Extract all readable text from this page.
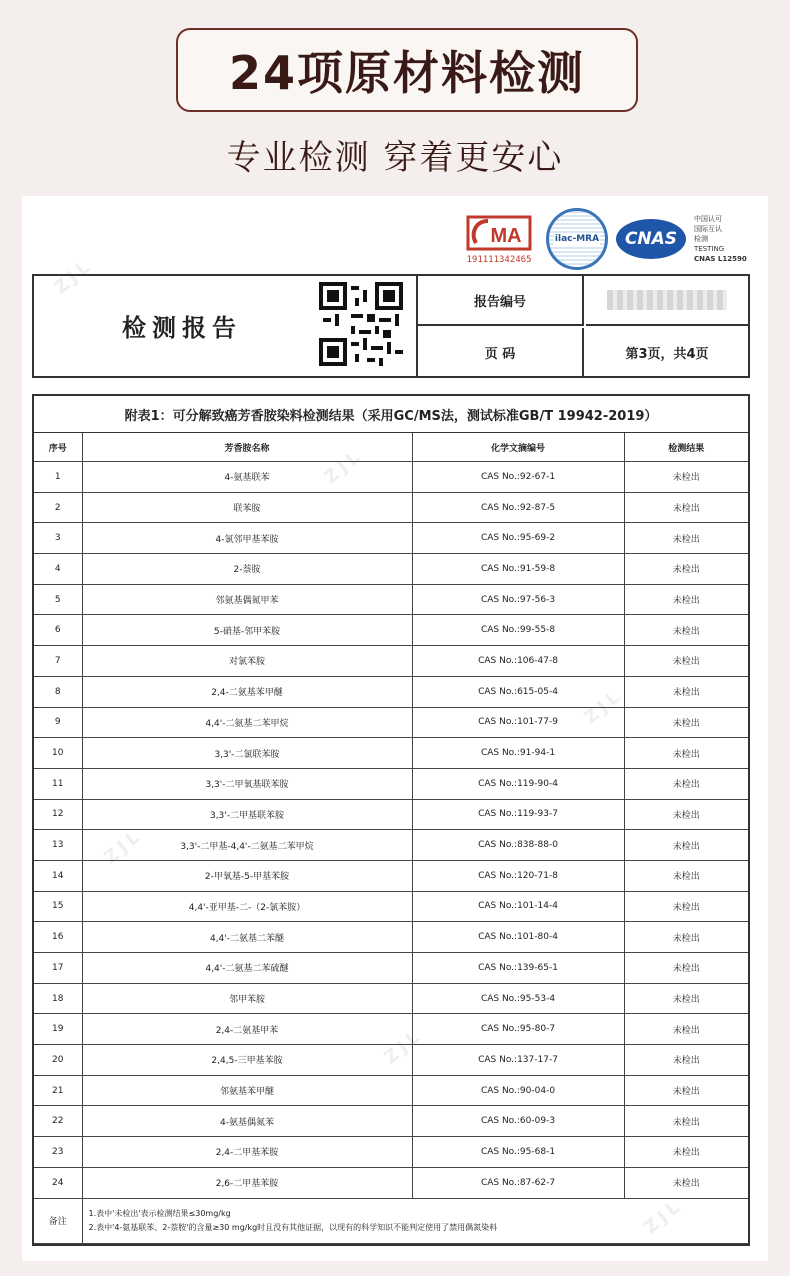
24项原材料检测
专业检测 穿着更安心
ZJL
ZJL
ZJL
ZJL
ZJL
ZJL
MA
191111342465
ilac-MRA	CNAS
中国认可
国际互认
检测
TESTING
CNAS L12590
检测报告
报告编号
页 码	第3页，共4页
附表1：可分解致癌芳香胺染料检测结果（采用GC/MS法，测试标准GB/T 19942-2019）
序号	芳香胺名称	化学文摘编号	检测结果
1	4-氨基联苯	CAS No.:92-67-1	未检出
2	联苯胺	CAS No.:92-87-5	未检出
3	4-氯邻甲基苯胺	CAS No.:95-69-2	未检出
4	2-萘胺	CAS No.:91-59-8	未检出
5	邻氨基偶氮甲苯	CAS No.:97-56-3	未检出
6	5-硝基-邻甲苯胺	CAS No.:99-55-8	未检出
7	对氯苯胺	CAS No.:106-47-8	未检出
8	2,4-二氨基苯甲醚	CAS No.:615-05-4	未检出
9	4,4'-二氨基二苯甲烷	CAS No.:101-77-9	未检出
10	3,3'-二氯联苯胺	CAS No.:91-94-1	未检出
11	3,3'-二甲氧基联苯胺	CAS No.:119-90-4	未检出
12	3,3'-二甲基联苯胺	CAS No.:119-93-7	未检出
13	3,3'-二甲基-4,4'-二氨基二苯甲烷	CAS No.:838-88-0	未检出
14	2-甲氧基-5-甲基苯胺	CAS No.:120-71-8	未检出
15	4,4'-亚甲基-二-（2-氯苯胺）	CAS No.:101-14-4	未检出
16	4,4'-二氨基二苯醚	CAS No.:101-80-4	未检出
17	4,4'-二氨基二苯硫醚	CAS No.:139-65-1	未检出
18	邻甲苯胺	CAS No.:95-53-4	未检出
19	2,4-二氨基甲苯	CAS No.:95-80-7	未检出
20	2,4,5-三甲基苯胺	CAS No.:137-17-7	未检出
21	邻氨基苯甲醚	CAS No.:90-04-0	未检出
22	4-氨基偶氮苯	CAS No.:60-09-3	未检出
23	2,4-二甲基苯胺	CAS No.:95-68-1	未检出
24	2,6-二甲基苯胺	CAS No.:87-62-7	未检出
备注	1.表中'未检出'表示检测结果≤30mg/kg
2.表中'4-氨基联苯、2-萘胺'的含量≥30 mg/kg时且没有其他证据，以现有的科学知识不能判定使用了禁用偶氮染料		
